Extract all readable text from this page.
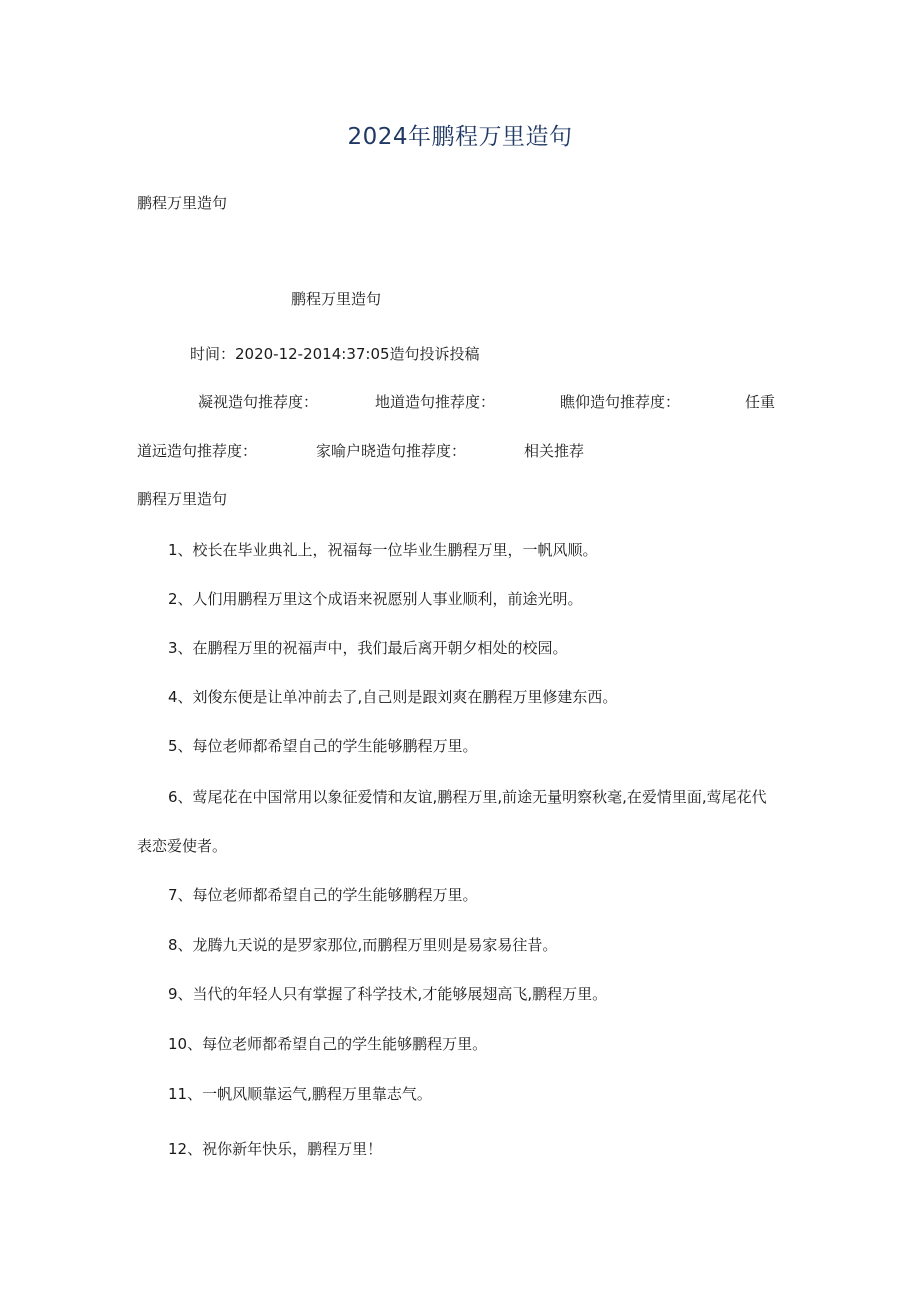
2024年鹏程万里造句
鹏程万里造句
鹏程万里造句
时间：2020-12-2014:37:05造句投诉投稿
凝视造句推荐度：	地道造句推荐度：	瞧仰造句推荐度：	任重
道远造句推荐度：	家喻户晓造句推荐度：	相关推荐
鹏程万里造句
1、校长在毕业典礼上，祝福每一位毕业生鹏程万里，一帆风顺。
2、人们用鹏程万里这个成语来祝愿别人事业顺利，前途光明。
3、在鹏程万里的祝福声中，我们最后离开朝夕相处的校园。
4、刘俊东便是让单冲前去了,自己则是跟刘爽在鹏程万里修建东西。
5、每位老师都希望自己的学生能够鹏程万里。
6、莺尾花在中国常用以象征爱情和友谊,鹏程万里,前途无量明察秋毫,在爱情里面,莺尾花代
表恋爱使者。
7、每位老师都希望自己的学生能够鹏程万里。
8、龙腾九天说的是罗家那位,而鹏程万里则是易家易往昔。
9、当代的年轻人只有掌握了科学技术,才能够展翅高飞,鹏程万里。
10、每位老师都希望自己的学生能够鹏程万里。
11、一帆风顺靠运气,鹏程万里靠志气。
12、祝你新年快乐，鹏程万里！
